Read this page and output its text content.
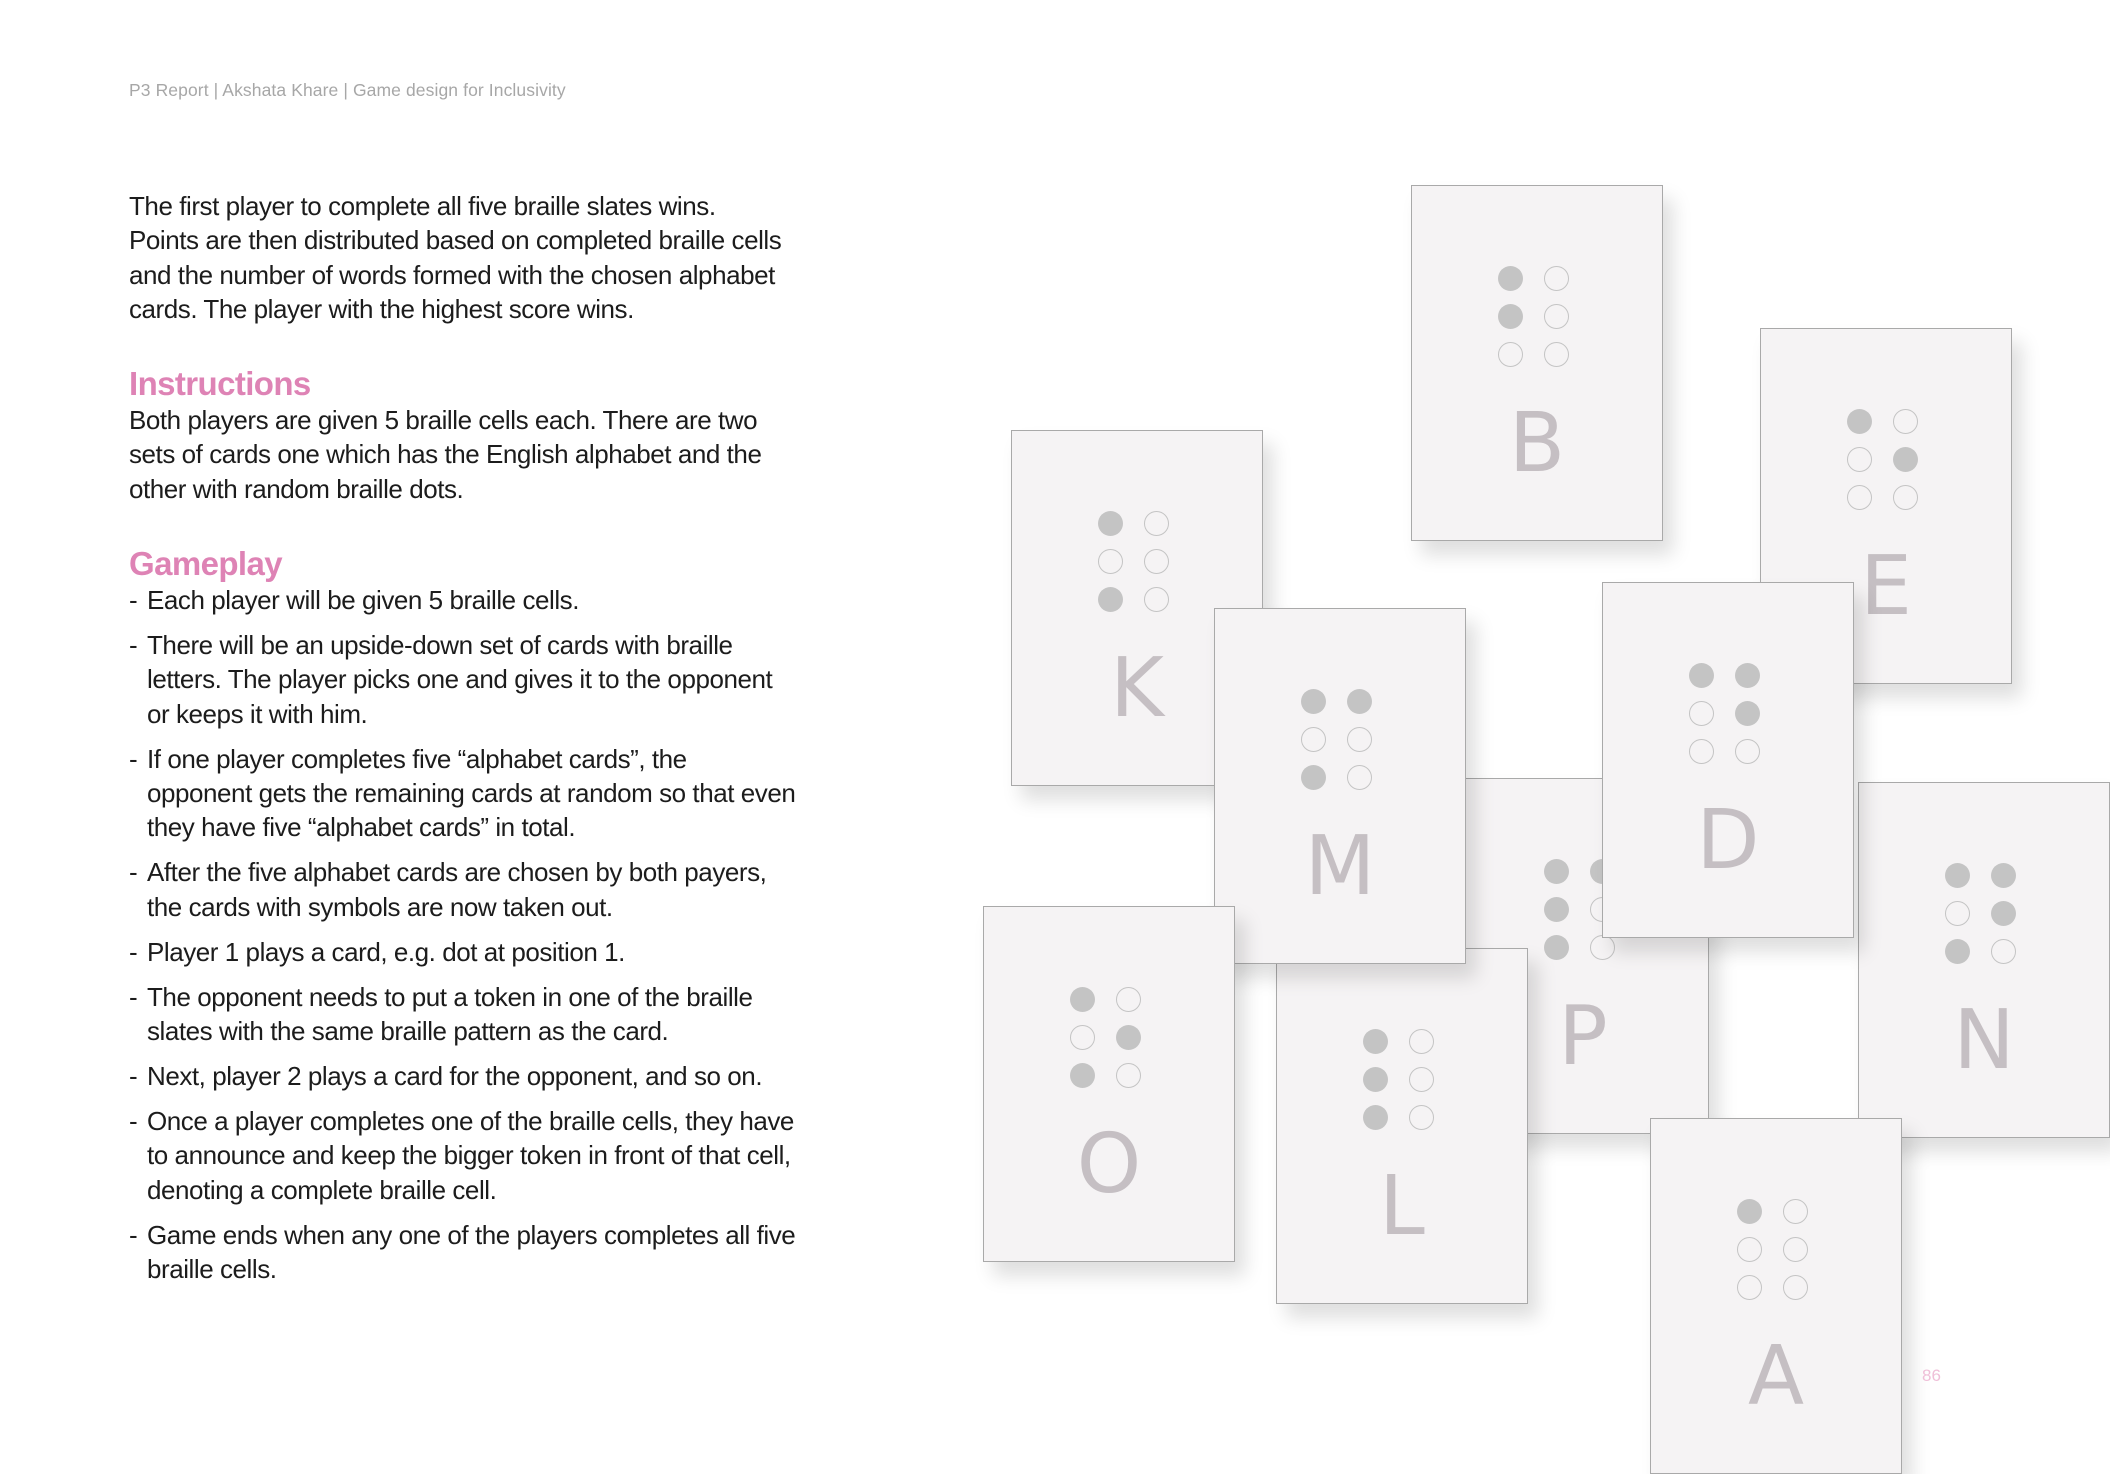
P3 Report | Akshata Khare | Game design for Inclusivity
The first player to complete all five braille slates wins.
Points are then distributed based on completed braille cells
and the number of words formed with the chosen alphabet
cards. The player with the highest score wins.
Instructions
Both players are given 5 braille cells each. There are two
sets of cards one which has the English alphabet and the
other with random braille dots.
Gameplay
- Each player will be given 5 braille cells.
- There will be an upside-down set of cards with braille
letters. The player picks one and gives it to the opponent
or keeps it with him.
- If one player completes five “alphabet cards”, the
opponent gets the remaining cards at random so that even
they have five “alphabet cards” in total.
- After the five alphabet cards are chosen by both payers,
the cards with symbols are now taken out.
- Player 1 plays a card, e.g. dot at position 1.
- The opponent needs to put a token in one of the braille
slates with the same braille pattern as the card.
- Next, player 2 plays a card for the opponent, and so on.
- Once a player completes one of the braille cells, they have
to announce and keep the bigger token in front of that cell,
denoting a complete braille cell.
- Game ends when any one of the players completes all five
braille cells.
E
B
K
P	N
L
D
M
O
A	86
